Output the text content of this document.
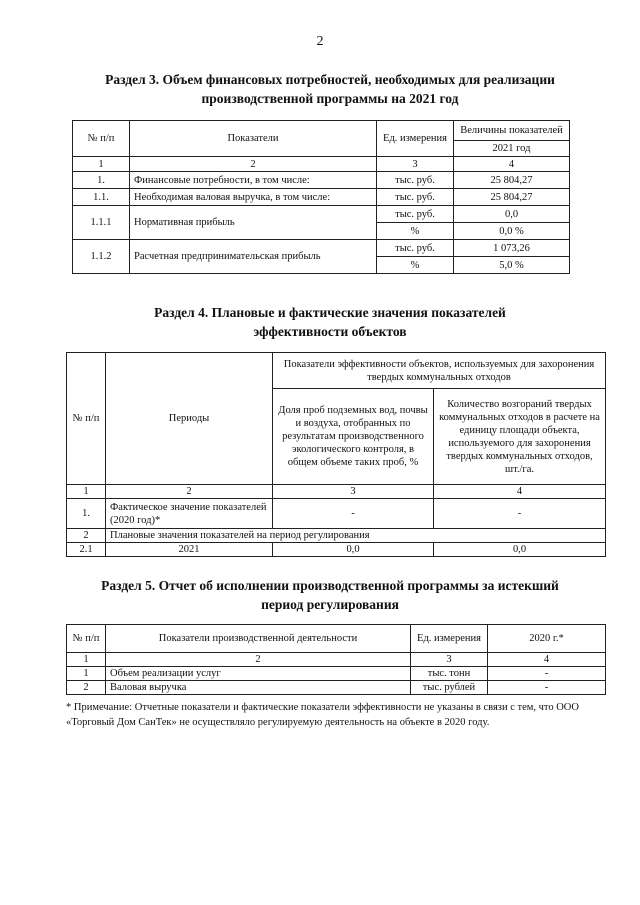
2
Раздел 3. Объем финансовых потребностей, необходимых для реализации
производственной программы на 2021 год
№ п/п	Показатели	Ед. измерения	Величины показателей
			2021 год
1	2	3	4
1.	Финансовые потребности, в том числе:	тыс. руб.	25 804,27
1.1.	Необходимая валовая выручка, в том числе:	тыс. руб.	25 804,27
1.1.1	Нормативная прибыль	тыс. руб.	0,0
		%	0,0 %
1.1.2	Расчетная предпринимательская прибыль	тыс. руб.	1 073,26
		%	5,0 %
Раздел 4. Плановые и фактические значения показателей
эффективности объектов
№ п/п	Периоды	Показатели эффективности объектов, используемых для захоронения твердых коммунальных отходов	
		Доля проб подземных вод, почвы и воздуха, отобранных по результатам производственного экологического контроля, в общем объеме таких проб, %	Количество возгораний твердых коммунальных отходов в расчете на единицу площади объекта, используемого для захоронения твердых коммунальных отходов, шт./га.
1	2	3	4
1.	Фактическое значение показателей (2020 год)*	-	-
2	Плановые значения показателей на период регулирования		
2.1	2021	0,0	0,0
Раздел 5. Отчет об исполнении производственной программы за истекший
период регулирования
№ п/п	Показатели производственной деятельности	Ед. измерения	2020 г.*
1	2	3	4
1	Объем реализации услуг	тыс. тонн	-
2	Валовая выручка	тыс. рублей	-
* Примечание: Отчетные показатели и фактические показатели эффективности не указаны в связи с тем, что ООО «Торговый Дом СанТек» не осуществляло регулируемую деятельность на объекте в 2020 году.
